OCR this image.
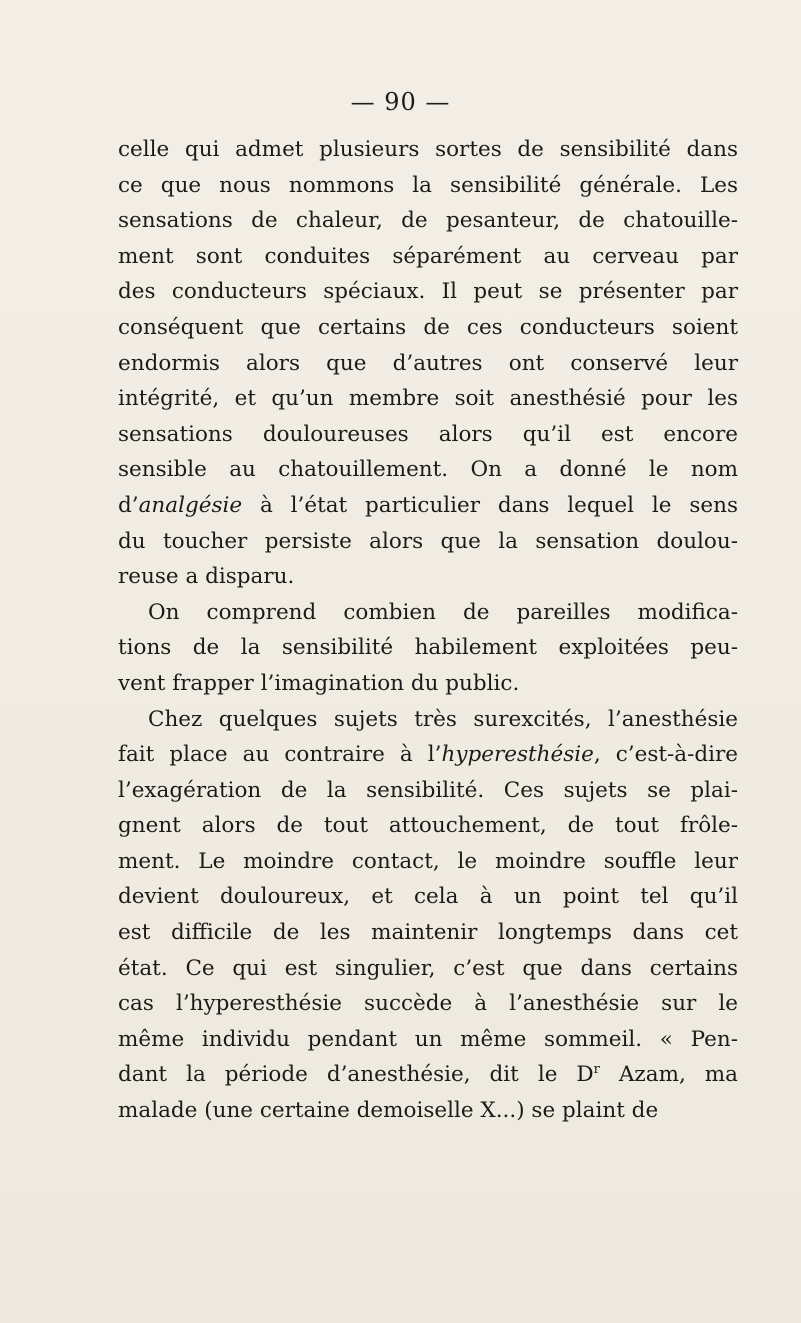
— 90 —
celle qui admet plusieurs sortes de sensibilité dans
ce que nous nommons la sensibilité générale. Les
sensations de chaleur, de pesanteur, de chatouille-
ment sont conduites séparément au cerveau par
des conducteurs spéciaux. Il peut se présenter par
conséquent que certains de ces conducteurs soient
endormis alors que d’autres ont conservé leur
intégrité, et qu’un membre soit anesthésié pour les
sensations douloureuses alors qu’il est encore
sensible au chatouillement. On a donné le nom
d’analgésie à l’état particulier dans lequel le sens
du toucher persiste alors que la sensation doulou-
reuse a disparu.
On comprend combien de pareilles modifica-
tions de la sensibilité habilement exploitées peu-
vent frapper l’imagination du public.
Chez quelques sujets très surexcités, l’anesthésie
fait place au contraire à l’hyperesthésie, c’est-à-dire
l’exagération de la sensibilité. Ces sujets se plai-
gnent alors de tout attouchement, de tout frôle-
ment. Le moindre contact, le moindre souffle leur
devient douloureux, et cela à un point tel qu’il
est difficile de les maintenir longtemps dans cet
état. Ce qui est singulier, c’est que dans certains
cas l’hyperesthésie succède à l’anesthésie sur le
même individu pendant un même sommeil. « Pen-
dant la période d’anesthésie, dit le $D^r$ Azam, ma
malade (une certaine demoiselle X...) se plaint de
